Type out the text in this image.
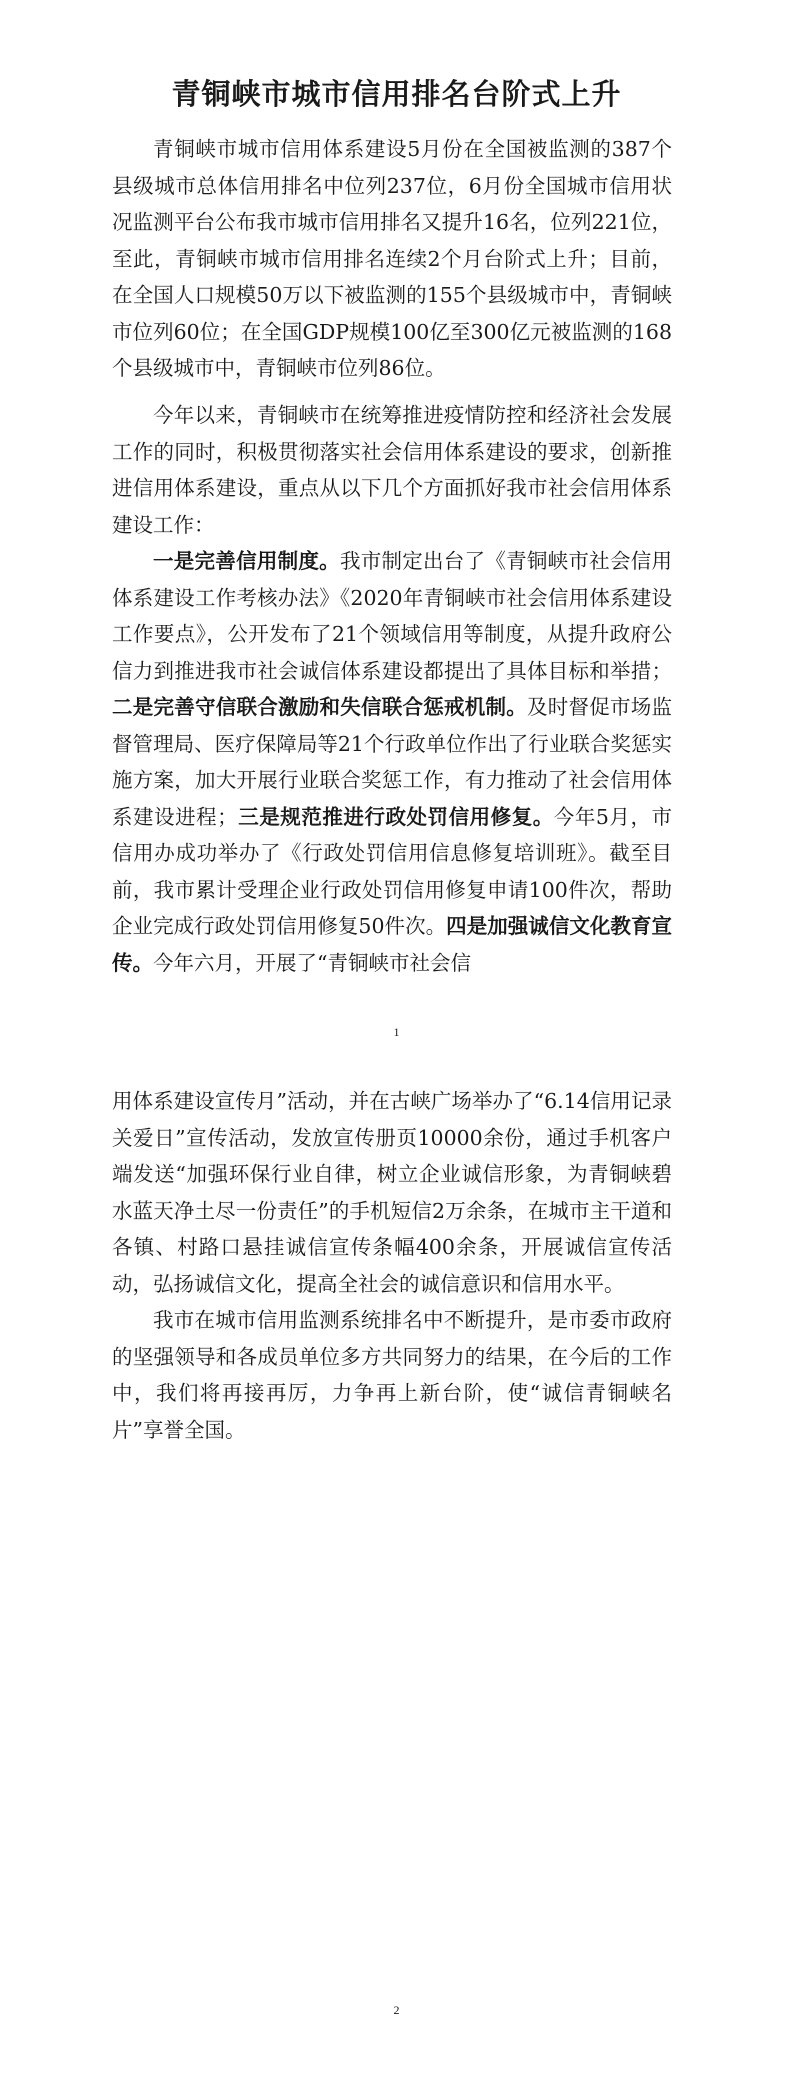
青铜峡市城市信用排名台阶式上升

青铜峡市城市信用体系建设5月份在全国被监测的387个县级城市总体信用排名中位列237位，6月份全国城市信用状况监测平台公布我市城市信用排名又提升16名，位列221位，至此，青铜峡市城市信用排名连续2个月台阶式上升；目前，在全国人口规模50万以下被监测的155个县级城市中，青铜峡市位列60位；在全国GDP规模100亿至300亿元被监测的168个县级城市中，青铜峡市位列86位。

今年以来，青铜峡市在统筹推进疫情防控和经济社会发展工作的同时，积极贯彻落实社会信用体系建设的要求，创新推进信用体系建设，重点从以下几个方面抓好我市社会信用体系建设工作：

一是完善信用制度。我市制定出台了《青铜峡市社会信用体系建设工作考核办法》《2020年青铜峡市社会信用体系建设工作要点》，公开发布了21个领域信用等制度，从提升政府公信力到推进我市社会诚信体系建设都提出了具体目标和举措；二是完善守信联合激励和失信联合惩戒机制。及时督促市场监督管理局、医疗保障局等21个行政单位作出了行业联合奖惩实施方案，加大开展行业联合奖惩工作，有力推动了社会信用体系建设进程；三是规范推进行政处罚信用修复。今年5月，市信用办成功举办了《行政处罚信用信息修复培训班》。截至目前，我市累计受理企业行政处罚信用修复申请100件次，帮助企业完成行政处罚信用修复50件次。四是加强诚信文化教育宣传。今年六月，开展了“青铜峡市社会信

1

用体系建设宣传月”活动，并在古峡广场举办了“6.14信用记录关爱日”宣传活动，发放宣传册页10000余份，通过手机客户端发送“加强环保行业自律，树立企业诚信形象，为青铜峡碧水蓝天净土尽一份责任”的手机短信2万余条，在城市主干道和各镇、村路口悬挂诚信宣传条幅400余条，开展诚信宣传活动，弘扬诚信文化，提高全社会的诚信意识和信用水平。

我市在城市信用监测系统排名中不断提升，是市委市政府的坚强领导和各成员单位多方共同努力的结果，在今后的工作中，我们将再接再厉，力争再上新台阶，使“诚信青铜峡名片”享誉全国。

2
